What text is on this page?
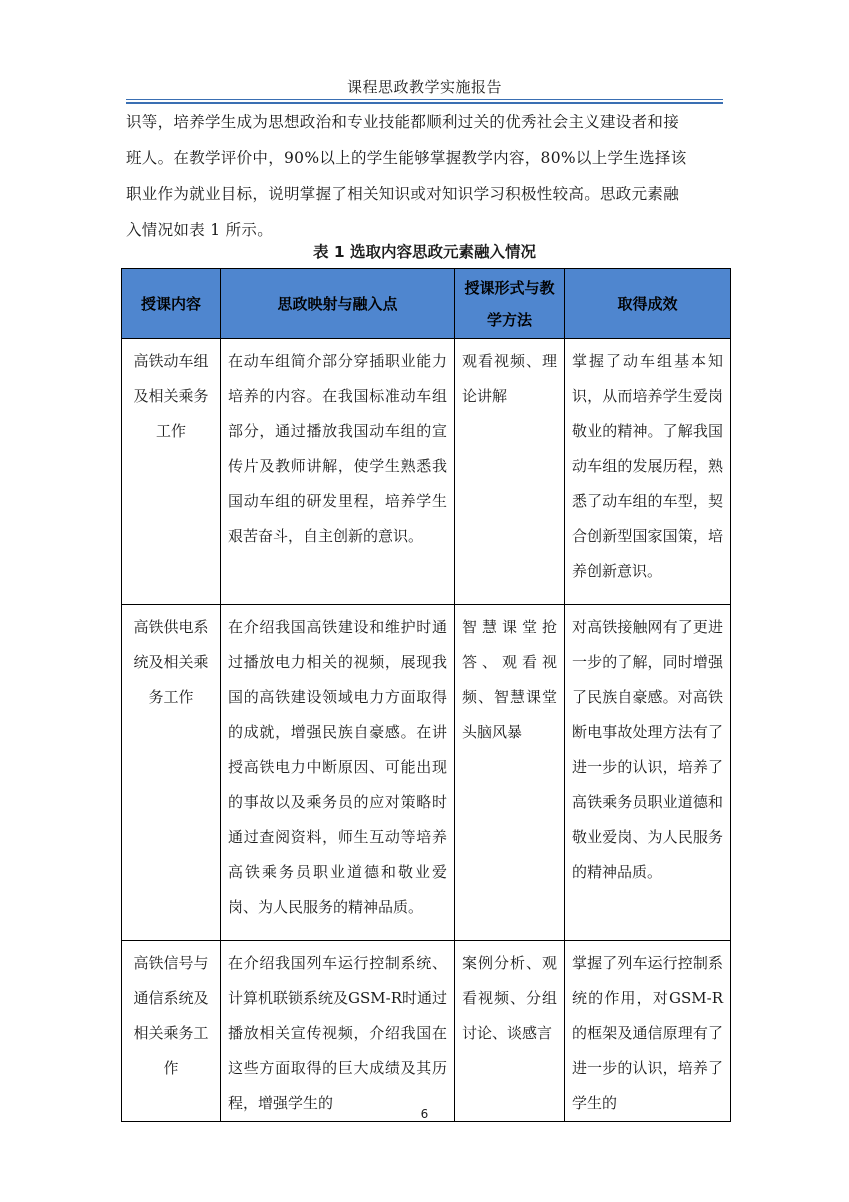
课程思政教学实施报告

识等，培养学生成为思想政治和专业技能都顺利过关的优秀社会主义建设者和接
班人。在教学评价中，90%以上的学生能够掌握教学内容，80%以上学生选择该
职业作为就业目标，说明掌握了相关知识或对知识学习积极性较高。思政元素融
入情况如表 1 所示。

表 1 选取内容思政元素融入情况
授课内容	思政映射与融入点	授课形式与教学方法	取得成效
高铁动车组及相关乘务工作	在动车组简介部分穿插职业能力培养的内容。在我国标准动车组部分，通过播放我国动车组的宣传片及教师讲解，使学生熟悉我国动车组的研发里程，培养学生艰苦奋斗，自主创新的意识。	观看视频、理论讲解	掌握了动车组基本知识，从而培养学生爱岗敬业的精神。了解我国动车组的发展历程，熟悉了动车组的车型，契合创新型国家国策，培养创新意识。
高铁供电系统及相关乘务工作	在介绍我国高铁建设和维护时通过播放电力相关的视频，展现我国的高铁建设领域电力方面取得的成就，增强民族自豪感。在讲授高铁电力中断原因、可能出现的事故以及乘务员的应对策略时通过查阅资料，师生互动等培养高铁乘务员职业道德和敬业爱岗、为人民服务的精神品质。	智慧课堂抢答、观看视频、智慧课堂头脑风暴	对高铁接触网有了更进一步的了解，同时增强了民族自豪感。对高铁断电事故处理方法有了进一步的认识，培养了高铁乘务员职业道德和敬业爱岗、为人民服务的精神品质。
高铁信号与通信系统及相关乘务工作	在介绍我国列车运行控制系统、计算机联锁系统及GSM-R时通过播放相关宣传视频，介绍我国在这些方面取得的巨大成绩及其历程，增强学生的	案例分析、观看视频、分组讨论、谈感言	掌握了列车运行控制系统的作用，对GSM-R的框架及通信原理有了进一步的认识，培养了学生的
6
